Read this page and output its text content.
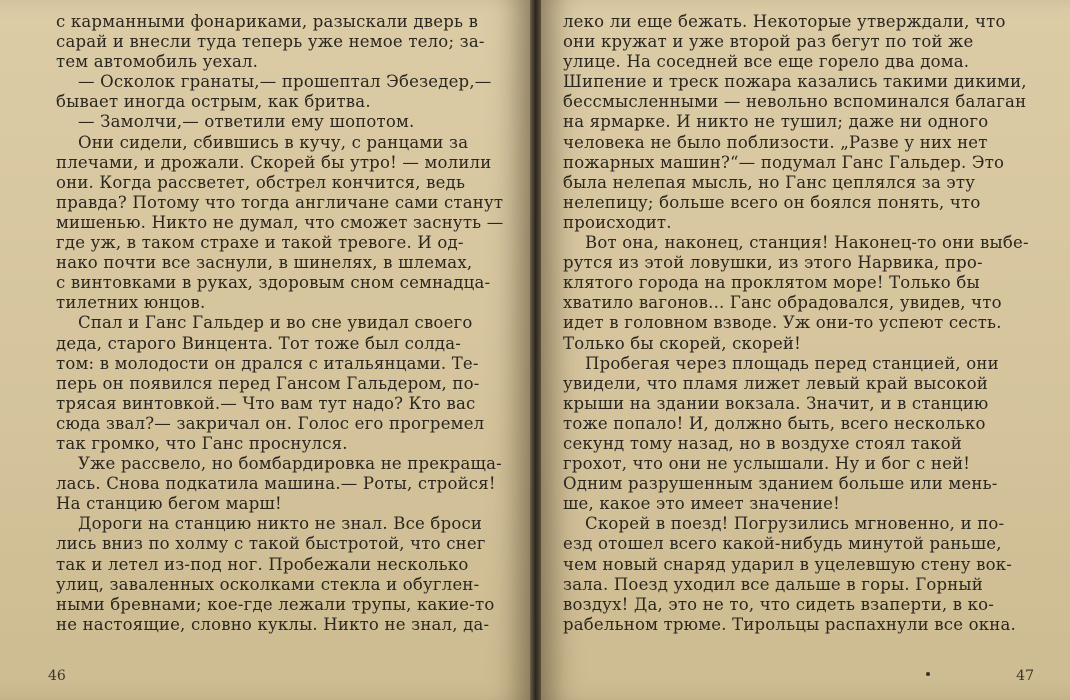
с карманными фонариками, разыскали дверь в

сарай и внесли туда теперь уже немое тело; за-

тем автомобиль уехал.

— Осколок гранаты,— прошептал Эбезедер,—

бывает иногда острым, как бритва.

— Замолчи,— ответили ему шопотом.

Они сидели, сбившись в кучу, с ранцами за

плечами, и дрожали. Скорей бы утро! — молили

они. Когда рассветет, обстрел кончится, ведь

правда? Потому что тогда англичане сами станут

мишенью. Никто не думал, что сможет заснуть —

где уж, в таком страхе и такой тревоге. И од-

нако почти все заснули, в шинелях, в шлемах,

с винтовками в руках, здоровым сном семнадца-

тилетних юнцов.

Спал и Ганс Гальдер и во сне увидал своего

деда, старого Винцента. Тот тоже был солда-

том: в молодости он дрался с итальянцами. Те-

перь он появился перед Гансом Гальдером, по-

трясая винтовкой.— Что вам тут надо? Кто вас

сюда звал?— закричал он. Голос его прогремел

так громко, что Ганс проснулся.

Уже рассвело, но бомбардировка не прекраща-

лась. Снова подкатила машина.— Роты, стройся!

На станцию бегом марш!

Дороги на станцию никто не знал. Все броси

лись вниз по холму с такой быстротой, что снег

так и летел из-под ног. Пробежали несколько

улиц, заваленных осколками стекла и обуглен-

ными бревнами; кое-где лежали трупы, какие-то

не настоящие, словно куклы. Никто не знал, да-

46

леко ли еще бежать. Некоторые утверждали, что

они кружат и уже второй раз бегут по той же

улице. На соседней все еще горело два дома.

Шипение и треск пожара казались такими дикими,

бессмысленными — невольно вспоминался балаган

на ярмарке. И никто не тушил; даже ни одного

человека не было поблизости. „Разве у них нет

пожарных машин?“— подумал Ганс Гальдер. Это

была нелепая мысль, но Ганс цеплялся за эту

нелепицу; больше всего он боялся понять, что

происходит.

Вот она, наконец, станция! Наконец-то они выбе-

рутся из этой ловушки, из этого Нарвика, про-

клятого города на проклятом море! Только бы

хватило вагонов... Ганс обрадовался, увидев, что

идет в головном взводе. Уж они-то успеют сесть.

Только бы скорей, скорей!

Пробегая через площадь перед станцией, они

увидели, что пламя лижет левый край высокой

крыши на здании вокзала. Значит, и в станцию

тоже попало! И, должно быть, всего несколько

секунд тому назад, но в воздухе стоял такой

грохот, что они не услышали. Ну и бог с ней!

Одним разрушенным зданием больше или мень-

ше, какое это имеет значение!

Скорей в поезд! Погрузились мгновенно, и по-

езд отошел всего какой-нибудь минутой раньше,

чем новый снаряд ударил в уцелевшую стену вок-

зала. Поезд уходил все дальше в горы. Горный

воздух! Да, это не то, что сидеть взаперти, в ко-

рабельном трюме. Тирольцы распахнули все окна.

47
